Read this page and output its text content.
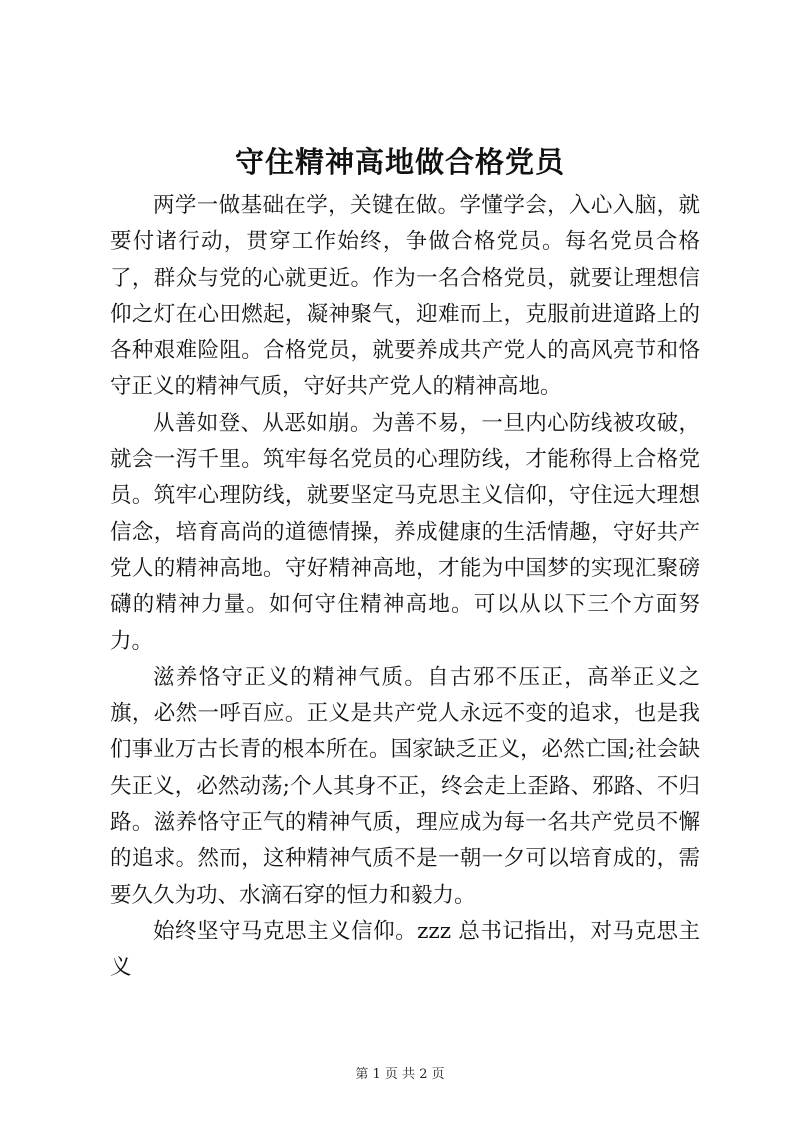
守住精神高地做合格党员

两学一做基础在学，关键在做。学懂学会，入心入脑，就要付诸行动，贯穿工作始终，争做合格党员。每名党员合格了，群众与党的心就更近。作为一名合格党员，就要让理想信仰之灯在心田燃起，凝神聚气，迎难而上，克服前进道路上的各种艰难险阻。合格党员，就要养成共产党人的高风亮节和恪守正义的精神气质，守好共产党人的精神高地。

从善如登、从恶如崩。为善不易，一旦内心防线被攻破，就会一泻千里。筑牢每名党员的心理防线，才能称得上合格党员。筑牢心理防线，就要坚定马克思主义信仰，守住远大理想信念，培育高尚的道德情操，养成健康的生活情趣，守好共产党人的精神高地。守好精神高地，才能为中国梦的实现汇聚磅礴的精神力量。如何守住精神高地。可以从以下三个方面努力。

滋养恪守正义的精神气质。自古邪不压正，高举正义之旗，必然一呼百应。正义是共产党人永远不变的追求，也是我们事业万古长青的根本所在。国家缺乏正义，必然亡国;社会缺失正义，必然动荡;个人其身不正，终会走上歪路、邪路、不归路。滋养恪守正气的精神气质，理应成为每一名共产党员不懈的追求。然而，这种精神气质不是一朝一夕可以培育成的，需要久久为功、水滴石穿的恒力和毅力。

始终坚守马克思主义信仰。zzz 总书记指出，对马克思主义

第 1 页 共 2 页
